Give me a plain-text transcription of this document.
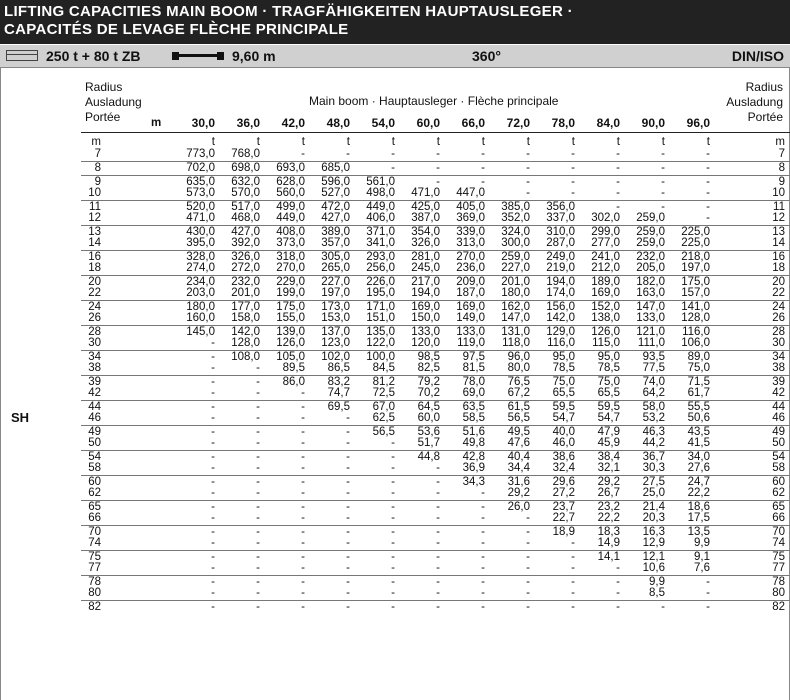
LIFTING CAPACITIES MAIN BOOM · TRAGFÄHIGKEITEN HAUPTAUSLEGER ·
CAPACITÉS DE LEVAGE FLÈCHE PRINCIPALE
250 t + 80 t ZB	9,60 m	360°	DIN/ISO
Radius
Ausladung
Portée
Radius
Ausladung
Portée
Main boom · Hauptausleger · Flèche principale
m	30,0	36,0	42,0	48,0	54,0	60,0	66,0	72,0	78,0	84,0	90,0	96,0
m	t	t	t	t	t	t	t	t	t	t	t	t	m
7	773,0	768,0	-	-	-	-	-	-	-	-	-	-	7
8	702,0	698,0	693,0	685,0	-	-	-	-	-	-	-	-	8
9	635,0	632,0	628,0	596,0	561,0	-	-	-	-	-	-	-	9
10	573,0	570,0	560,0	527,0	498,0	471,0	447,0	-	-	-	-	-	10
11	520,0	517,0	499,0	472,0	449,0	425,0	405,0	385,0	356,0	-	-	-	11
12	471,0	468,0	449,0	427,0	406,0	387,0	369,0	352,0	337,0	302,0	259,0	-	12
13	430,0	427,0	408,0	389,0	371,0	354,0	339,0	324,0	310,0	299,0	259,0	225,0	13
14	395,0	392,0	373,0	357,0	341,0	326,0	313,0	300,0	287,0	277,0	259,0	225,0	14
16	328,0	326,0	318,0	305,0	293,0	281,0	270,0	259,0	249,0	241,0	232,0	218,0	16
18	274,0	272,0	270,0	265,0	256,0	245,0	236,0	227,0	219,0	212,0	205,0	197,0	18
20	234,0	232,0	229,0	227,0	226,0	217,0	209,0	201,0	194,0	189,0	182,0	175,0	20
22	203,0	201,0	199,0	197,0	195,0	194,0	187,0	180,0	174,0	169,0	163,0	157,0	22
24	180,0	177,0	175,0	173,0	171,0	169,0	169,0	162,0	156,0	152,0	147,0	141,0	24
26	160,0	158,0	155,0	153,0	151,0	150,0	149,0	147,0	142,0	138,0	133,0	128,0	26
28	145,0	142,0	139,0	137,0	135,0	133,0	133,0	131,0	129,0	126,0	121,0	116,0	28
30	-	128,0	126,0	123,0	122,0	120,0	119,0	118,0	116,0	115,0	111,0	106,0	30
34	-	108,0	105,0	102,0	100,0	98,5	97,5	96,0	95,0	95,0	93,5	89,0	34
38	-	-	89,5	86,5	84,5	82,5	81,5	80,0	78,5	78,5	77,5	75,0	38
39	-	-	86,0	83,2	81,2	79,2	78,0	76,5	75,0	75,0	74,0	71,5	39
42	-	-	-	74,7	72,5	70,2	69,0	67,2	65,5	65,5	64,2	61,7	42
44	-	-	-	69,5	67,0	64,5	63,5	61,5	59,5	59,5	58,0	55,5	44
46	-	-	-	-	62,5	60,0	58,5	56,5	54,7	54,7	53,2	50,6	46
49	-	-	-	-	56,5	53,6	51,6	49,5	40,0	47,9	46,3	43,5	49
50	-	-	-	-	-	51,7	49,8	47,6	46,0	45,9	44,2	41,5	50
54	-	-	-	-	-	44,8	42,8	40,4	38,6	38,4	36,7	34,0	54
58	-	-	-	-	-	-	36,9	34,4	32,4	32,1	30,3	27,6	58
60	-	-	-	-	-	-	34,3	31,6	29,6	29,2	27,5	24,7	60
62	-	-	-	-	-	-	-	29,2	27,2	26,7	25,0	22,2	62
65	-	-	-	-	-	-	-	26,0	23,7	23,2	21,4	18,6	65
66	-	-	-	-	-	-	-	-	22,7	22,2	20,3	17,5	66
70	-	-	-	-	-	-	-	-	18,9	18,3	16,3	13,5	70
74	-	-	-	-	-	-	-	-	-	14,9	12,9	9,9	74
75	-	-	-	-	-	-	-	-	-	14,1	12,1	9,1	75
77	-	-	-	-	-	-	-	-	-	-	10,6	7,6	77
78	-	-	-	-	-	-	-	-	-	-	9,9	-	78
80	-	-	-	-	-	-	-	-	-	-	8,5	-	80
82	-	-	-	-	-	-	-	-	-	-	-	-	82
SH
